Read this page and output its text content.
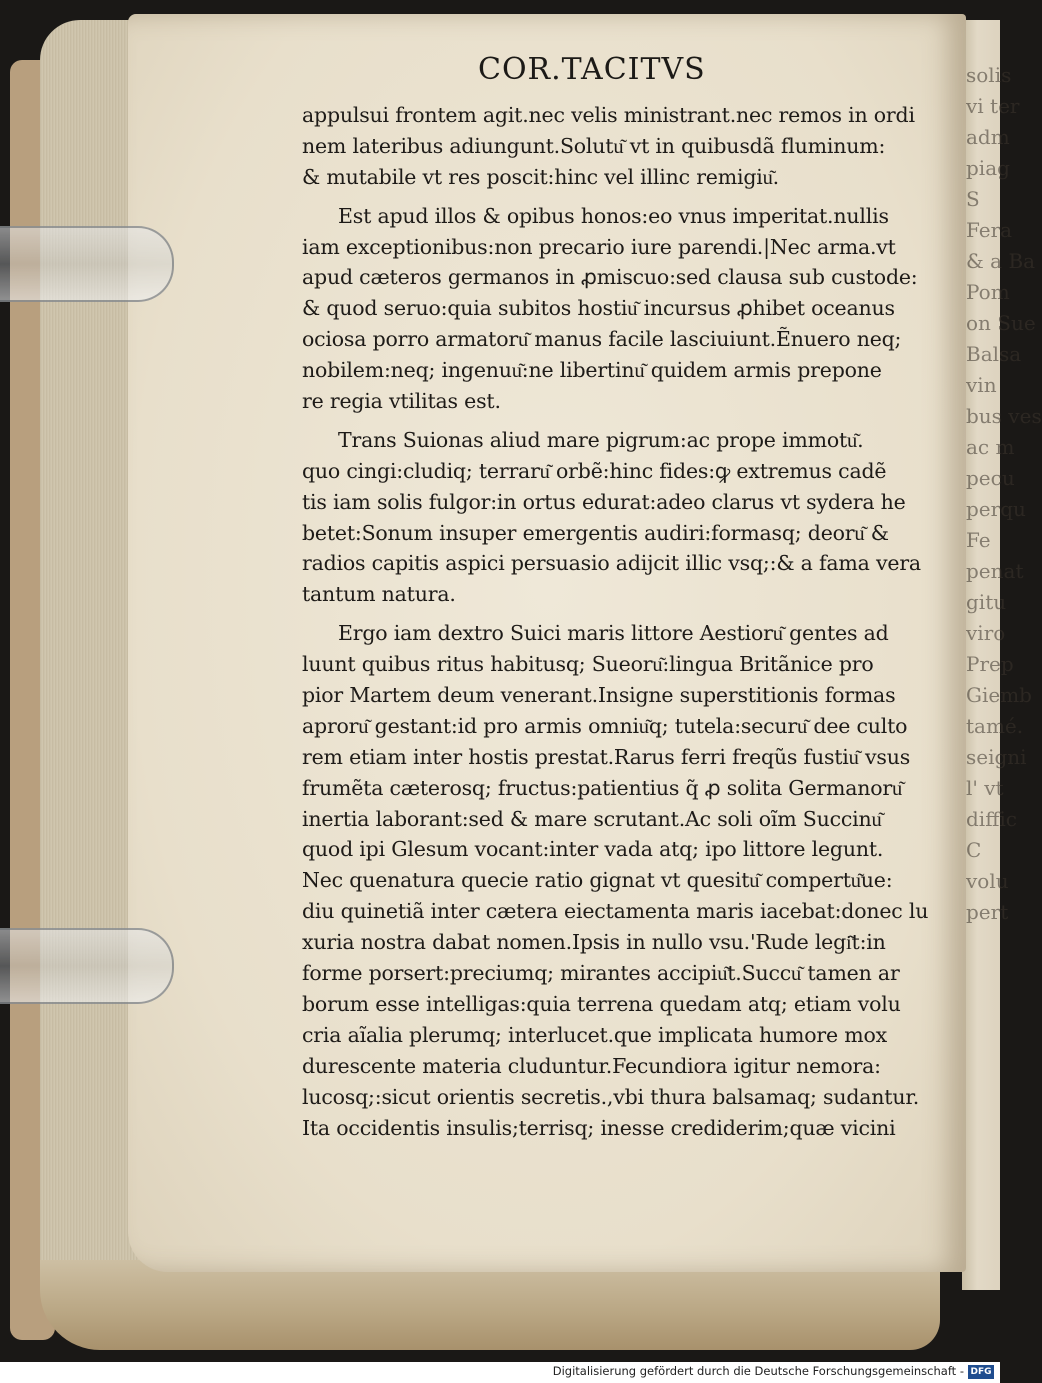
solis
vi ter
adm
piag
S
Fera
& a Ba
Pom
on Sue
Balsa
vin
bus ves
ac m
pecu
perqu
Fe
penat
gitu
viro
Prep
Giemb
tamé.
seigni
l' vt
diffic
C
volu
pert
COR.TACITVS
appulsui frontem agit.nec velis ministrant.nec remos in ordi
nem lateribus adiungunt.Solutu͂ vt in quibusdã fluminum:
& mutabile vt res poscit:hinc vel illinc remigiu͂.
Est apud illos & opibus honos:eo vnus imperitat.nullis
iam exceptionibus:non precario iure parendi.|Nec arma.vt
apud cæteros germanos in ꝓmiscuo:sed clausa sub custode:
& quod seruo:quia subitos hostiu͂ incursus ꝓhibet oceanus
ociosa porro armatoru͂ manus facile lasciuiunt.Ẽnuero neq;
nobilem:neq; ingenuu͂:ne libertinu͂ quidem armis prepone
re regia vtilitas est.
Trans Suionas aliud mare pigrum:ac prope immotu͂.
quo cingi:cludiq; terraru͂ orbẽ:hinc fides:ꝙ extremus cadẽ
tis iam solis fulgor:in ortus edurat:adeo clarus vt sydera he
betet:Sonum insuper emergentis audiri:formasq; deoru͂ &
radios capitis aspici persuasio adijcit illic vsq;:& a fama vera
tantum natura.
Ergo iam dextro Suici maris littore Aestioru͂ gentes ad
luunt quibus ritus habitusq; Sueoru͂:lingua Britãnice pro
pior Martem deum venerant.Insigne superstitionis formas
aproru͂ gestant:id pro armis omniu͂q; tutela:securu͂ dee culto
rem etiam inter hostis prestat.Rarus ferri freqũs fustiu͂ vsus
frumẽta cæterosq; fructus:patientius q̃ ꝓ solita Germanoru͂
inertia laborant:sed & mare scrutant.Ac soli oĩm Succinu͂
quod ipi Glesum vocant:inter vada atq; ipo littore legunt.
Nec quenatura quecie ratio gignat vt quesitu͂ compertu͂ue:
diu quinetiã inter cætera eiectamenta maris iacebat:donec lu
xuria nostra dabat nomen.Ipsis in nullo vsu.'Rude legi͂t:in
forme porsert:preciumq; mirantes accipiu͂t.Succu͂ tamen ar
borum esse intelligas:quia terrena quedam atq; etiam volu
cria aĩalia plerumq; interlucet.que implicata humore mox
durescente materia cluduntur.Fecundiora igitur nemora:
lucosq;:sicut orientis secretis.,vbi thura balsamaq; sudantur.
Ita occidentis insulis;terrisq; inesse crediderim;quæ vicini
Digitalisierung gefördert durch die Deutsche Forschungsgemeinschaft - DFG
